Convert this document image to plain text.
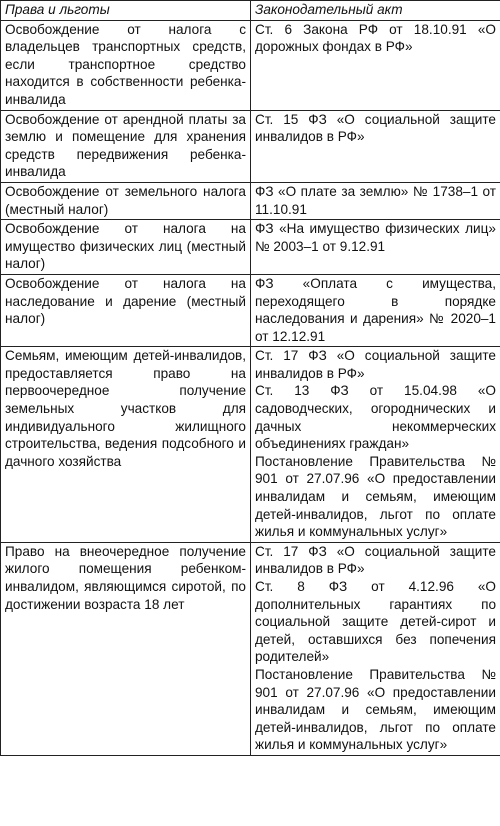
Права и льготы	Законодательный акт
Освобождение от налога с владельцев транспортных средств, если транспортное средство находится в собственности ребенка-инвалида	Ст. 6 Закона РФ от 18.10.91 «О дорожных фондах в РФ»

Освобождение от арендной платы за землю и помещение для хранения средств передвижения ребенка-инвалида	Ст. 15 ФЗ «О социальной защите инвалидов в РФ»

Освобождение от земельного налога (местный налог)	ФЗ «О плате за землю» № 1738–1 от 11.10.91

Освобождение от налога на имущество физических лиц (местный налог)	ФЗ «На имущество физических лиц» № 2003–1 от 9.12.91

Освобождение от налога на наследование и дарение (местный налог)	ФЗ «Оплата с имущества, переходящего в порядке наследования и дарения» № 2020–1 от 12.12.91

Семьям, имеющим детей-инвалидов, предоставляется право на первоочередное получение земельных участков для индивидуального жилищного строительства, ведения подсобного и дачного хозяйства	Ст. 17 ФЗ «О социальной защите инвалидов в РФ»
Ст. 13 ФЗ от 15.04.98 «О садоводческих, огороднических и дачных некоммерческих объединениях граждан»
Постановление Правительства № 901 от 27.07.96 «О предоставлении инвалидам и семьям, имеющим детей-инвалидов, льгот по оплате жилья и коммунальных услуг»

Право на внеочередное получение жилого помещения ребенком-инвалидом, являющимся сиротой, по достижении возраста 18 лет	Ст. 17 ФЗ «О социальной защите инвалидов в РФ»
Ст. 8 ФЗ от 4.12.96 «О дополнительных гарантиях по социальной защите детей-сирот и детей, оставшихся без попечения родителей»
Постановление Правительства № 901 от 27.07.96 «О предоставлении инвалидам и семьям, имеющим детей-инвалидов, льгот по оплате жилья и коммунальных услуг»
